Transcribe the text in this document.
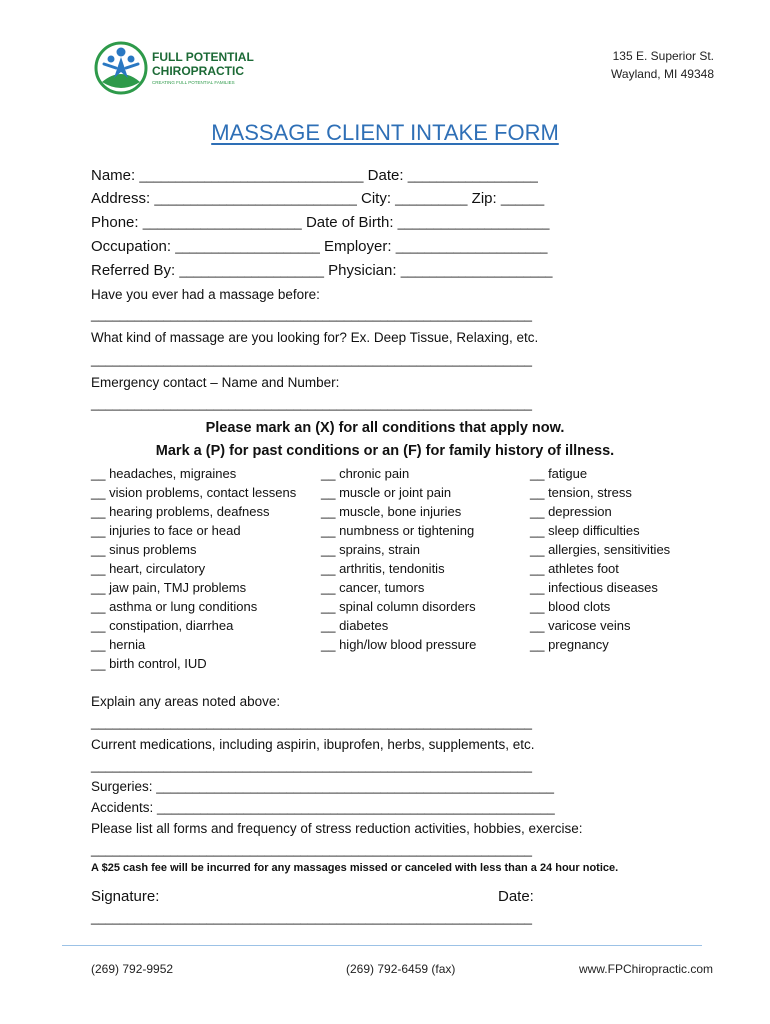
FULL POTENTIAL
CHIROPRACTIC
CREATING FULL POTENTIAL FAMILIES
135 E. Superior St.
Wayland, MI 49348
MASSAGE CLIENT INTAKE FORM
Name: _______________________________ Date: __________________
Address: ____________________________ City: __________ Zip: ______
Phone: ______________________ Date of Birth: _____________________
Occupation: ____________________ Employer: _____________________
Referred By: ____________________ Physician: _____________________
Have you ever had a massage before:
_____________________________________________________________
What kind of massage are you looking for? Ex. Deep Tissue, Relaxing, etc.
_____________________________________________________________
Emergency contact – Name and Number:
_____________________________________________________________
Please mark an (X) for all conditions that apply now.
Mark a (P) for past conditions or an (F) for family history of illness.
__ headaches, migraines
__ vision problems, contact lessens
__ hearing problems, deafness
__ injuries to face or head
__ sinus problems
__ heart, circulatory
__ jaw pain, TMJ problems
__ asthma or lung conditions
__ constipation, diarrhea
__ hernia
__ birth control, IUD
__ chronic pain
__ muscle or joint pain
__ muscle, bone injuries
__ numbness or tightening
__ sprains, strain
__ arthritis, tendonitis
__ cancer, tumors
__ spinal column disorders
__ diabetes
__ high/low blood pressure
__ fatigue
__ tension, stress
__ depression
__ sleep difficulties
__ allergies, sensitivities
__ athletes foot
__ infectious diseases
__ blood clots
__ varicose veins
__ pregnancy
Explain any areas noted above:
_____________________________________________________________
Current medications, including aspirin, ibuprofen, herbs, supplements, etc.
_____________________________________________________________
Surgeries: _______________________________________________________
Accidents: _______________________________________________________
Please list all forms and frequency of stress reduction activities, hobbies, exercise:
_____________________________________________________________
A $25 cash fee will be incurred for any massages missed or canceled with less than a 24 hour notice.
Signature:	Date:
_____________________________________________________________
(269) 792-9952	(269) 792-6459 (fax)	www.FPChiropractic.com
